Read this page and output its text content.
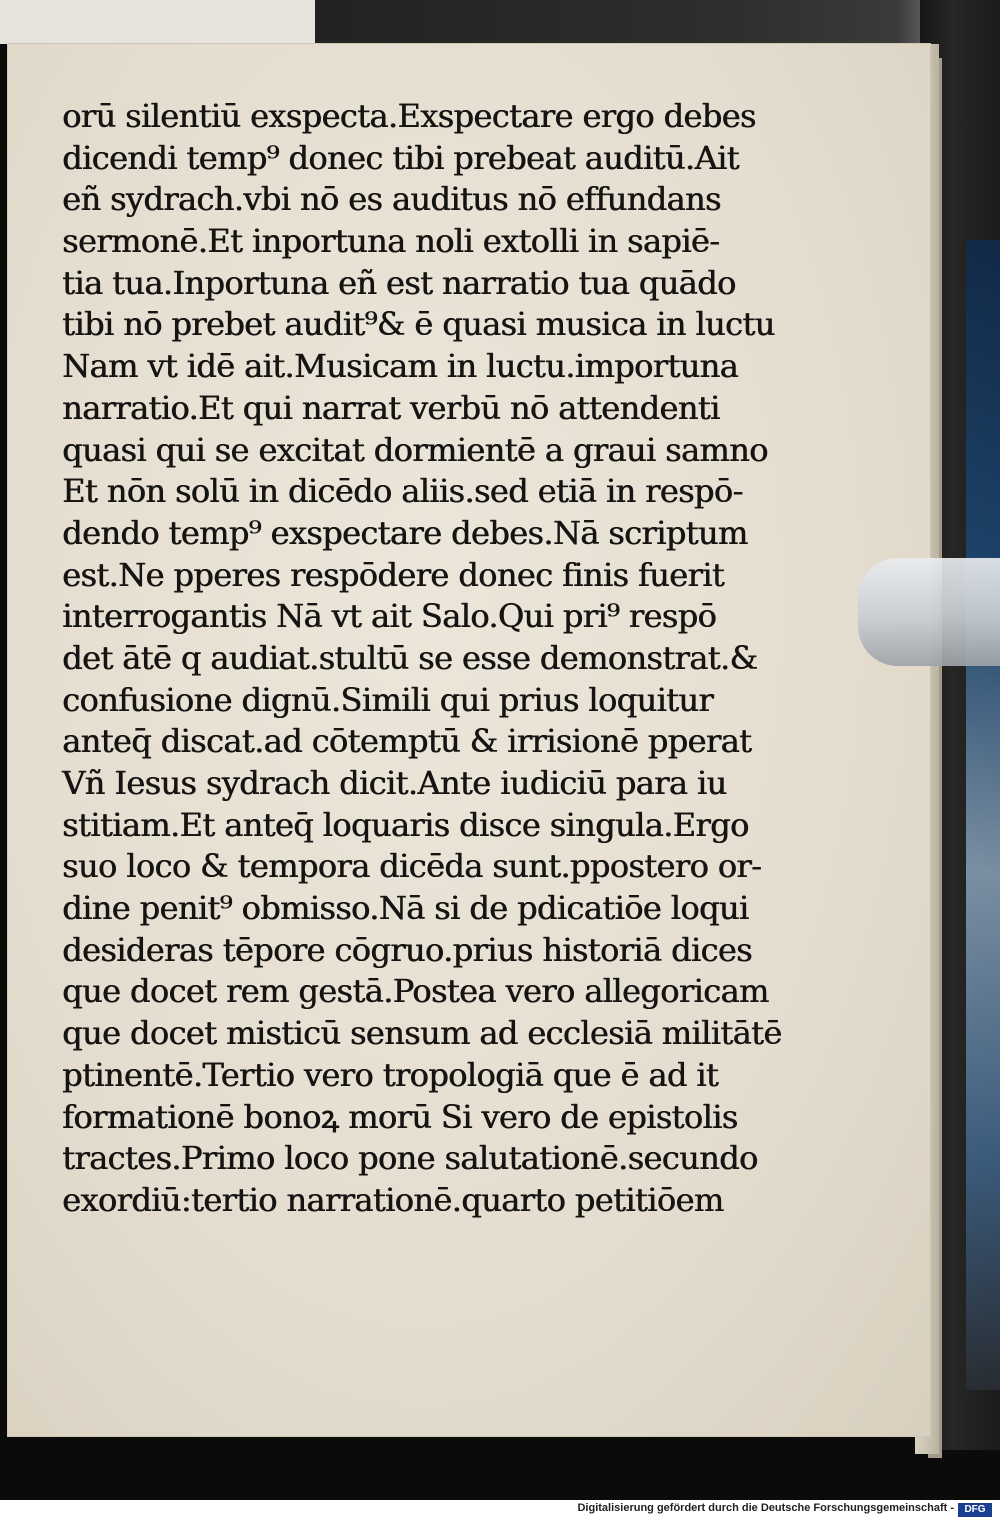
orū silentiū exspecta.Exspectare ergo debes
dicendi temp⁹ donec tibi prebeat auditū.Ait
eñ sydrach.vbi nō es auditus nō effundans
sermonē.Et inportuna noli extolli in sapiē-
tia tua.Inportuna eñ est narratio tua quādo
tibi nō prebet audit⁹& ē quasi musica in luctu
Nam vt idē ait.Musicam in luctu.importuna
narratio.Et qui narrat verbū nō attendenti
quasi qui se excitat dormientē a graui samno
Et nōn solū in dicēdo aliis.sed etiā in respō-
dendo temp⁹ exspectare debes.Nā scriptum
est.Ne pperes respōdere donec finis fuerit
interrogantis Nā vt ait Salo.Qui pri⁹ respō
det ātē q audiat.stultū se esse demonstrat.&
confusione dignū.Simili qui prius loquitur
anteq̄ discat.ad cōtemptū & irrisionē pperat
Vñ Iesus sydrach dicit.Ante iudiciū para iu
stitiam.Et anteq̄ loquaris disce singula.Ergo
suo loco & tempora dicēda sunt.ppostero or-
dine penit⁹ obmisso.Nā si de pdicatiōe loqui
desideras tēpore cōgruo.prius historiā dices
que docet rem gestā.Postea vero allegoricam
que docet misticū sensum ad ecclesiā militātē
ptinentē.Tertio vero tropologiā que ē ad it
formationē bonoꝝ morū Si vero de epistolis
tractes.Primo loco pone salutationē.secundo
exordiū:tertio narrationē.quarto petitiōem
Digitalisierung gefördert durch die Deutsche Forschungsgemeinschaft -	DFG
